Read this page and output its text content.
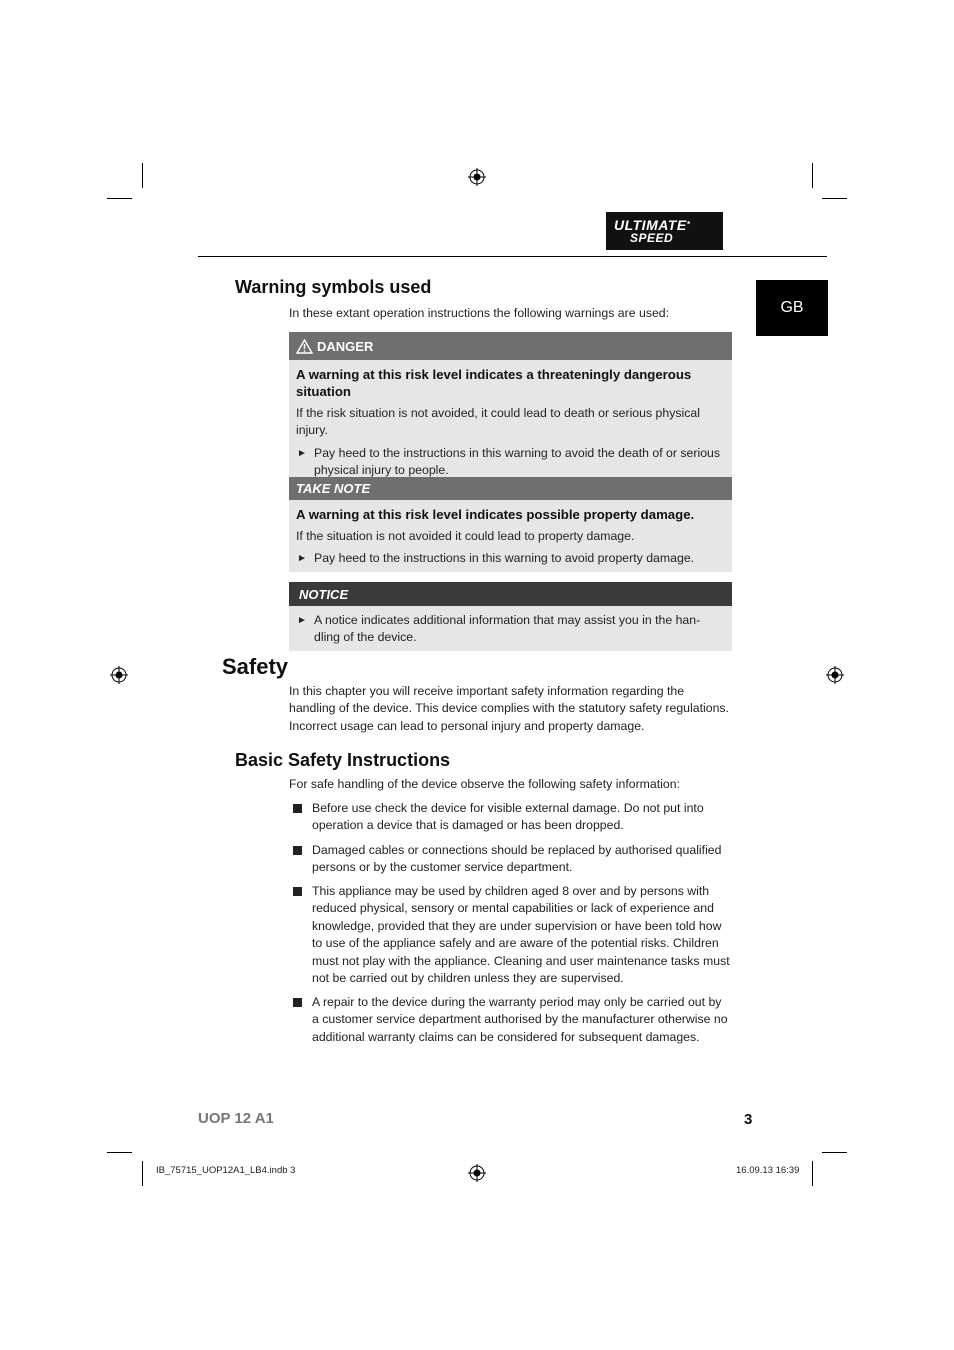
ULTIMATE*
SPEED
GB
Warning symbols used
In these extant operation instructions the following warnings are used:
DANGER
A warning at this risk level indicates a threateningly dangerous situation
If the risk situation is not avoided, it could lead to death or serious physical injury.
► Pay heed to the instructions in this warning to avoid the death of or serious physical injury to people.
TAKE NOTE
A warning at this risk level indicates possible property damage.
If the situation is not avoided it could lead to property damage.
► Pay heed to the instructions in this warning to avoid property damage.
NOTICE
► A notice indicates additional information that may assist you in the han-dling of the device.
Safety
In this chapter you will receive important safety information regarding the handling of the device. This device complies with the statutory safety regulations. Incorrect usage can lead to personal injury and property damage.
Basic Safety Instructions
For safe handling of the device observe the following safety information:
Before use check the device for visible external damage. Do not put into operation a device that is damaged or has been dropped.
Damaged cables or connections should be replaced by authorised qualified persons or by the customer service department.
This appliance may be used by children aged 8 over and by persons with reduced physical, sensory or mental capabilities or lack of experience and knowledge, provided that they are under supervision or have been told how to use of the appliance safely and are aware of the potential risks. Children must not play with the appliance. Cleaning and user maintenance tasks must not be carried out by children unless they are supervised.
A repair to the device during the warranty period may only be carried out by a customer service department authorised by the manufacturer otherwise no additional warranty claims can be considered for subsequent damages.
UOP 12 A1	3
IB_75715_UOP12A1_LB4.indb 3	16.09.13 16:39
